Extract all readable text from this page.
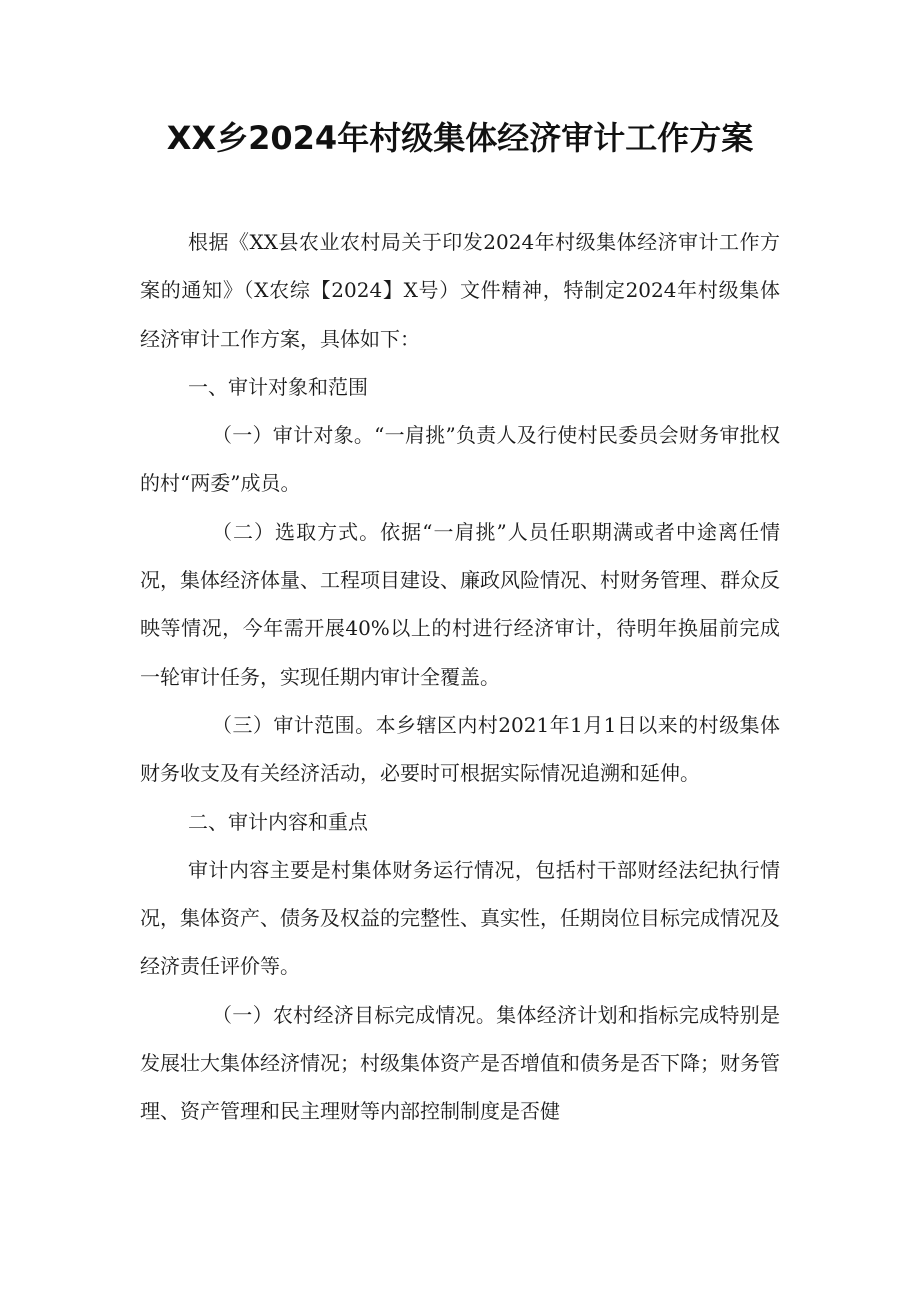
XX乡2024年村级集体经济审计工作方案

根据《XX县农业农村局关于印发2024年村级集体经济审计工作方案的通知》（X农综【2024】X号）文件精神，特制定2024年村级集体经济审计工作方案，具体如下：

一、审计对象和范围

（一）审计对象。“一肩挑”负责人及行使村民委员会财务审批权的村“两委”成员。

（二）选取方式。依据“一肩挑”人员任职期满或者中途离任情况，集体经济体量、工程项目建设、廉政风险情况、村财务管理、群众反映等情况，今年需开展40%以上的村进行经济审计，待明年换届前完成一轮审计任务，实现任期内审计全覆盖。

（三）审计范围。本乡辖区内村2021年1月1日以来的村级集体财务收支及有关经济活动，必要时可根据实际情况追溯和延伸。

二、审计内容和重点

审计内容主要是村集体财务运行情况，包括村干部财经法纪执行情况，集体资产、债务及权益的完整性、真实性，任期岗位目标完成情况及经济责任评价等。

（一）农村经济目标完成情况。集体经济计划和指标完成特别是发展壮大集体经济情况；村级集体资产是否增值和债务是否下降；财务管理、资产管理和民主理财等内部控制制度是否健
